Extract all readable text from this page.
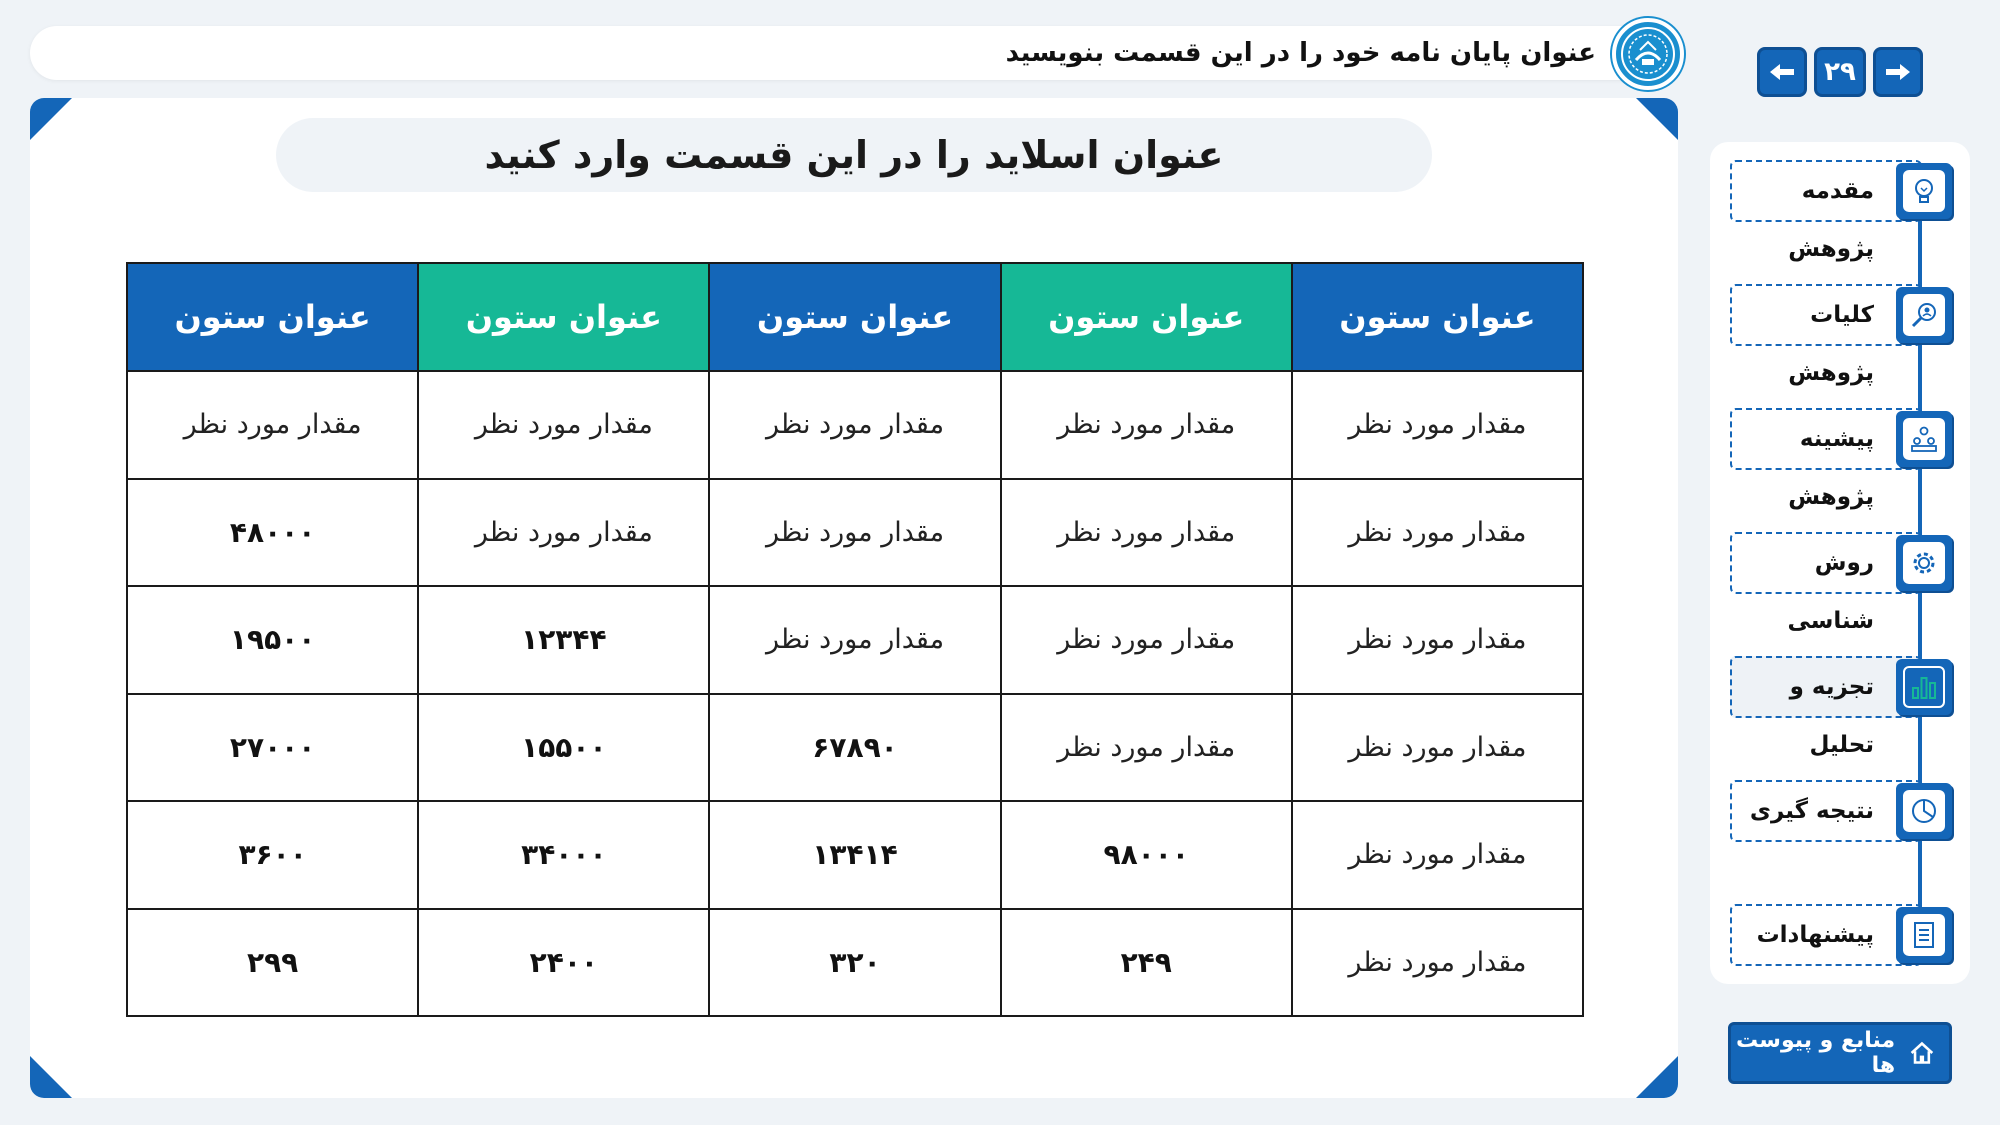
عنوان پایان نامه خود را در این قسمت بنویسید
۲۹
عنوان اسلاید را در این قسمت وارد کنید
عنوان ستون	عنوان ستون	عنوان ستون	عنوان ستون	عنوان ستون
مقدار مورد نظر	مقدار مورد نظر	مقدار مورد نظر	مقدار مورد نظر	مقدار مورد نظر
مقدار مورد نظر	مقدار مورد نظر	مقدار مورد نظر	مقدار مورد نظر	۴۸۰۰۰
مقدار مورد نظر	مقدار مورد نظر	مقدار مورد نظر	۱۲۳۴۴	۱۹۵۰۰
مقدار مورد نظر	مقدار مورد نظر	۶۷۸۹۰	۱۵۵۰۰	۲۷۰۰۰
مقدار مورد نظر	۹۸۰۰۰	۱۳۴۱۴	۳۴۰۰۰	۳۶۰۰
مقدار مورد نظر	۲۴۹	۳۲۰	۲۴۰۰	۲۹۹
مقدمه پژوهش
کلیات پژوهش
پیشینه پژوهش
روش شناسی
تجزیه و تحلیل
نتیجه گیری
پیشنهادات
منابع و پیوست ها
